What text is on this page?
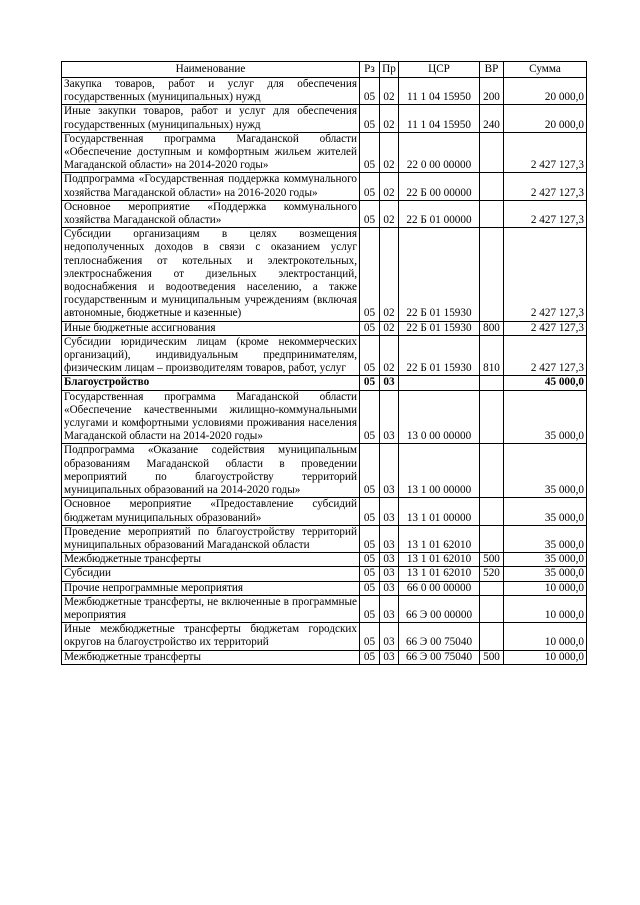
Наименование	Рз	Пр	ЦСР	ВР	Сумма
Закупка товаров, работ и услуг для обеспечения государственных (муниципальных) нужд	05	02	11 1 04 15950	200	20 000,0
Иные закупки товаров, работ и услуг для обеспечения государственных (муниципальных) нужд	05	02	11 1 04 15950	240	20 000,0
Государственная программа Магаданской области «Обеспечение доступным и комфортным жильем жителей Магаданской области» на 2014-2020 годы»	05	02	22 0 00 00000		2 427 127,3
Подпрограмма «Государственная поддержка коммунального хозяйства Магаданской области» на 2016-2020 годы»	05	02	22 Б 00 00000		2 427 127,3
Основное мероприятие «Поддержка коммунального хозяйства Магаданской области»	05	02	22 Б 01 00000		2 427 127,3
Субсидии организациям в целях возмещения недополученных доходов в связи с оказанием услуг теплоснабжения от котельных и электрокотельных, электроснабжения от дизельных электростанций, водоснабжения и водоотведения населению, а также государственным и муниципальным учреждениям (включая автономные, бюджетные и казенные)	05	02	22 Б 01 15930		2 427 127,3
Иные бюджетные ассигнования	05	02	22 Б 01 15930	800	2 427 127,3
Субсидии юридическим лицам (кроме некоммерческих организаций), индивидуальным предпринимателям, физическим лицам – производителям товаров, работ, услуг	05	02	22 Б 01 15930	810	2 427 127,3
Благоустройство	05	03			45 000,0
Государственная программа Магаданской области «Обеспечение качественными жилищно-коммунальными услугами и комфортными условиями проживания населения Магаданской области на 2014-2020 годы»	05	03	13 0 00 00000		35 000,0
Подпрограмма «Оказание содействия муниципальным образованиям Магаданской области в проведении мероприятий по благоустройству территорий муниципальных образований на 2014-2020 годы»	05	03	13 1 00 00000		35 000,0
Основное мероприятие «Предоставление субсидий бюджетам муниципальных образований»	05	03	13 1 01 00000		35 000,0
Проведение мероприятий по благоустройству территорий муниципальных образований Магаданской области	05	03	13 1 01 62010		35 000,0
Межбюджетные трансферты	05	03	13 1 01 62010	500	35 000,0
Субсидии	05	03	13 1 01 62010	520	35 000,0
Прочие непрограммные мероприятия	05	03	66 0 00 00000		10 000,0
Межбюджетные трансферты, не включенные в программные мероприятия	05	03	66 Э 00 00000		10 000,0
Иные межбюджетные трансферты бюджетам городских округов на благоустройство их территорий	05	03	66 Э 00 75040		10 000,0
Межбюджетные трансферты	05	03	66 Э 00 75040	500	10 000,0
